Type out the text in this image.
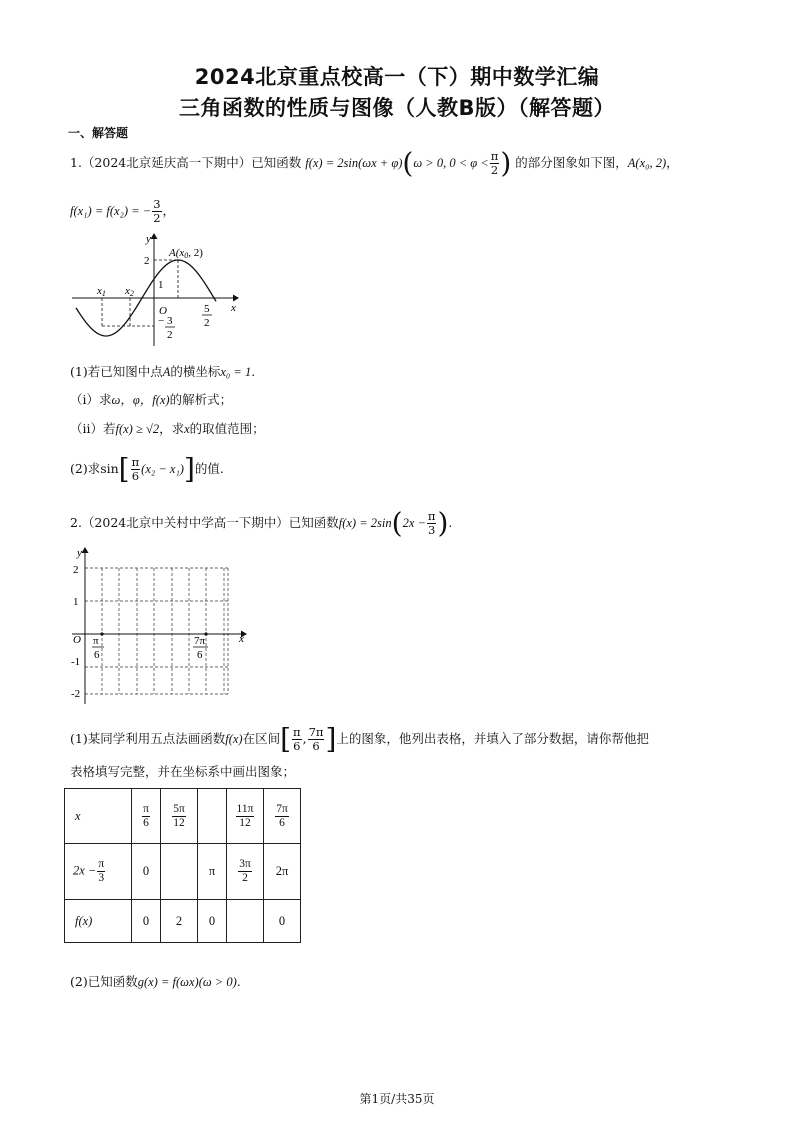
2024北京重点校高一（下）期中数学汇编
三角函数的性质与图像（人教B版）（解答题）
一、解答题
1.（2024北京延庆高一下期中）已知函数 f(x) = 2sin(ωx + φ)(ω > 0, $0 < \varphi < \frac{\pi}{2}$ ) 的部分图象如下图，A(x₀, 2)，
f(x₁) = f(x₂) = − $\frac{3}{2}$ ，
y
x
O
2
1
A(x0, 2)
x1 x2
− 3
2
5
2
(1)若已知图中点A的横坐标x₀ = 1.
（i）求ω，φ，f(x)的解析式；
（ii）若f(x) ≥ √2，求x的取值范围；
(2)求$\sin[ \frac{\pi}{6} (x_2 - x_1)]$的值.
2.（2024北京中关村中学高一下期中）已知函数$f(x) = 2\sin(2x - \frac{\pi}{3}$ ).
y
x
O
2
1
-1
-2
π
6
7π
6
(1)某同学利用五点法画函数f(x)在区间[ $\frac{\pi}{6}$ , $\frac{7\pi}{6}$ ]上的图象，他列出表格，并填入了部分数据，请你帮他把
表格填写完整，并在坐标系中画出图象；
x	$\frac{\pi}{6}$	$\frac{5\pi}{12}$		$\frac{11\pi}{12}$	$\frac{7\pi}{6}$

$2x - \frac{\pi}{3}$	0		π	$\frac{3\pi}{2}$	2π
f(x)	0	2	0		0
(2)已知函数g(x) = f(ωx)(ω > 0).
第1页/共35页
